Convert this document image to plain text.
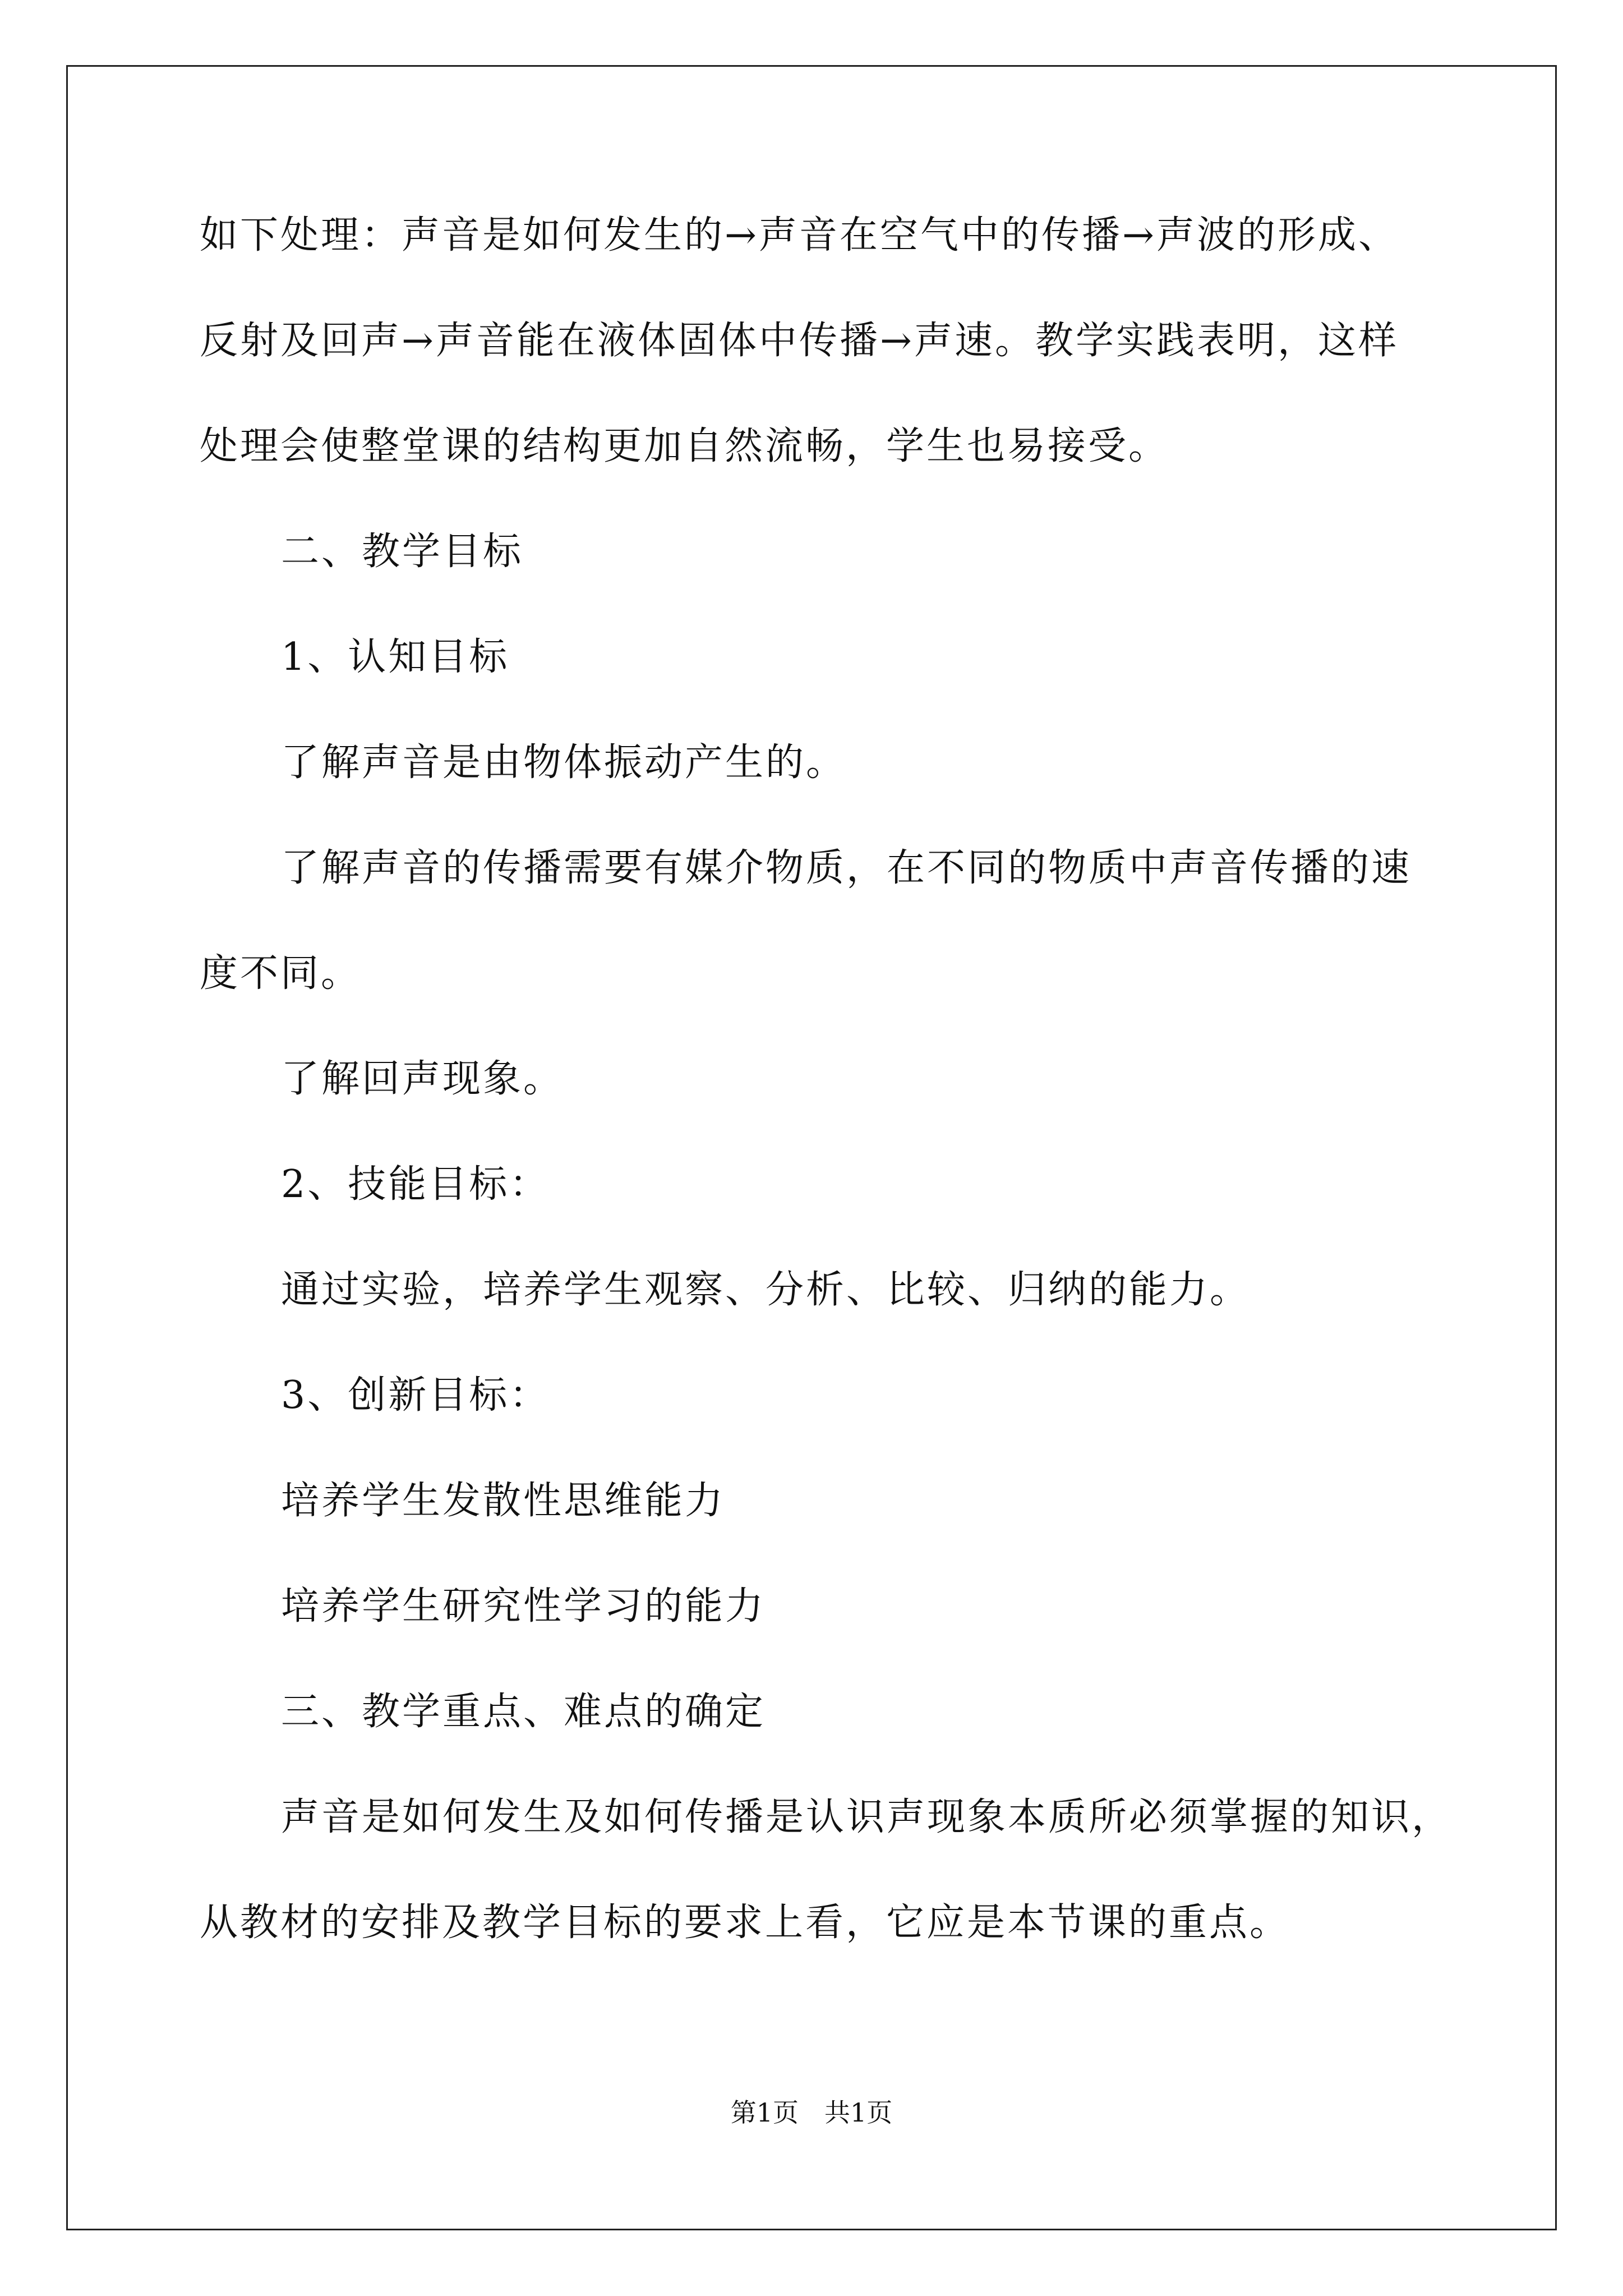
如下处理：声音是如何发生的→声音在空气中的传播→声波的形成、
反射及回声→声音能在液体固体中传播→声速。教学实践表明，这样
处理会使整堂课的结构更加自然流畅，学生也易接受。
二、教学目标
1、认知目标
了解声音是由物体振动产生的。
了解声音的传播需要有媒介物质，在不同的物质中声音传播的速
度不同。
了解回声现象。
2、技能目标：
通过实验，培养学生观察、分析、比较、归纳的能力。
3、创新目标：
培养学生发散性思维能力
培养学生研究性学习的能力
三、教学重点、难点的确定
声音是如何发生及如何传播是认识声现象本质所必须掌握的知识，
从教材的安排及教学目标的要求上看，它应是本节课的重点。
第1页　共1页
